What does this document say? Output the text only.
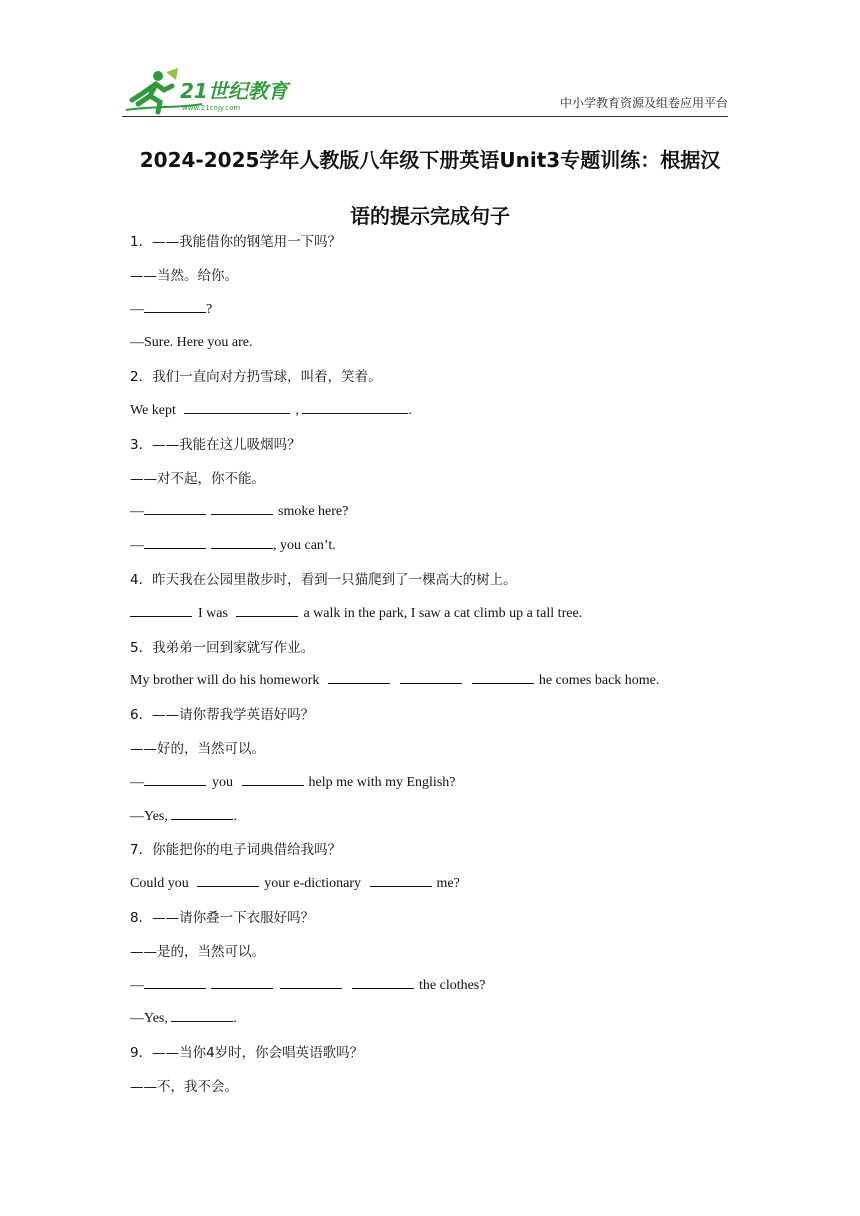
21世纪教育
www.21cnjy.com	中小学教育资源及组卷应用平台
2024-2025学年人教版八年级下册英语Unit3专题训练：根据汉
语的提示完成句子
1．——我能借你的钢笔用一下吗？
——当然。给你。
—	?
—Sure. Here you are.
2．我们一直向对方扔雪球，叫着，笑着。
We kept	,	.
3．——我能在这儿吸烟吗？
——对不起，你不能。
—	smoke here?
—	, you can’t.
4．昨天我在公园里散步时，看到一只猫爬到了一棵高大的树上。
I was	a walk in the park, I saw a cat climb up a tall tree.
5．我弟弟一回到家就写作业。
My brother will do his homework	he comes back home.
6．——请你帮我学英语好吗？
——好的，当然可以。
—	you	help me with my English?
—Yes,	.
7．你能把你的电子词典借给我吗？
Could you	your e-dictionary	me?
8．——请你叠一下衣服好吗？
——是的，当然可以。
—	the clothes?
—Yes,	.
9．——当你4岁时，你会唱英语歌吗？
——不，我不会。
